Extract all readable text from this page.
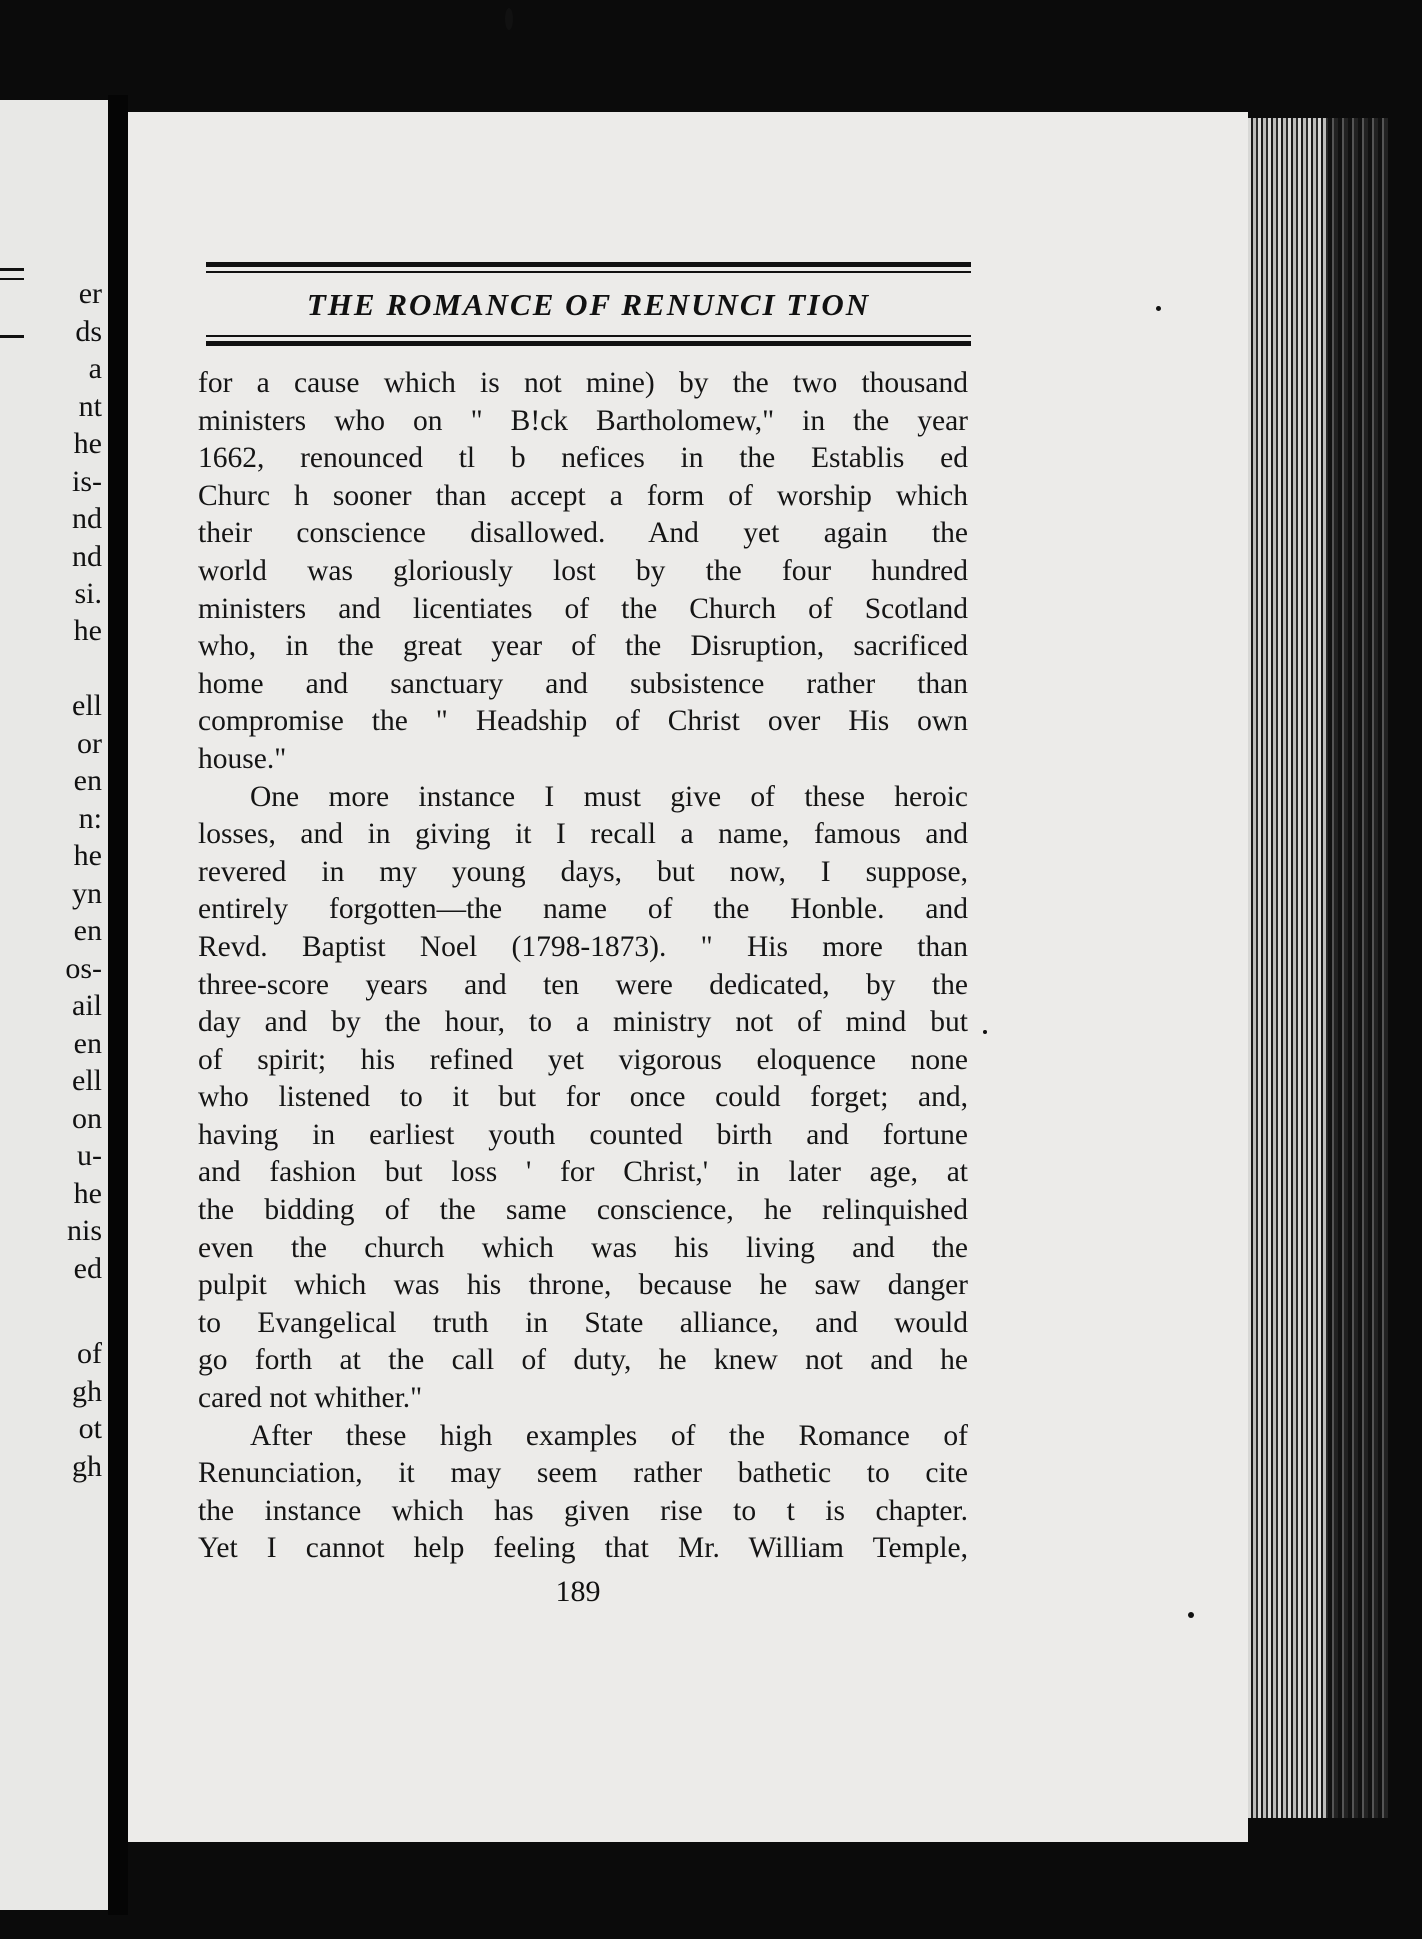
er
ds
a
nt
he
is-
nd
nd
si.
he
ell
or
en
n:
he
yn
en
os-
ail
en
ell
on
u-
he
nis
ed
of
gh
ot
gh
THE ROMANCE OF RENUNCI TION
for a cause which is not mine) by the two thousand
ministers who on " B!ck Bartholomew," in the year
1662, renounced tl b nefices in the Establis ed
Churc h sooner than accept a form of worship which
their conscience disallowed. And yet again the
world was gloriously lost by the four hundred
ministers and licentiates of the Church of Scotland
who, in the great year of the Disruption, sacrificed
home and sanctuary and subsistence rather than
compromise the " Headship of Christ over His own
house."
One more instance I must give of these heroic
losses, and in giving it I recall a name, famous and
revered in my young days, but now, I suppose,
entirely forgotten—the name of the Honble. and
Revd. Baptist Noel (1798-1873). " His more than
three-score years and ten were dedicated, by the
day and by the hour, to a ministry not of mind but
of spirit; his refined yet vigorous eloquence none
who listened to it but for once could forget; and,
having in earliest youth counted birth and fortune
and fashion but loss ' for Christ,' in later age, at
the bidding of the same conscience, he relinquished
even the church which was his living and the
pulpit which was his throne, because he saw danger
to Evangelical truth in State alliance, and would
go forth at the call of duty, he knew not and he
cared not whither."
After these high examples of the Romance of
Renunciation, it may seem rather bathetic to cite
the instance which has given rise to t is chapter.
Yet I cannot help feeling that Mr. William Temple,
189
